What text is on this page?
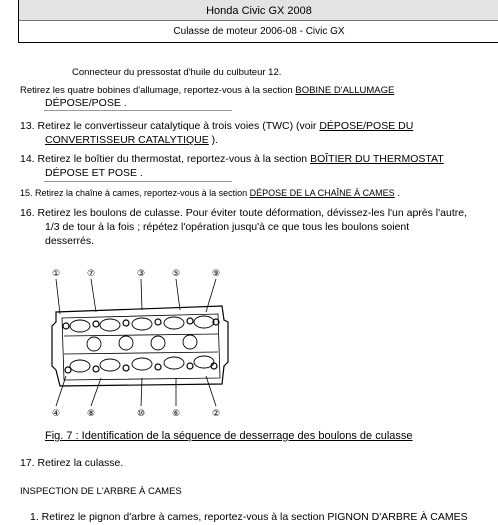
Honda Civic GX 2008
Culasse de moteur 2006-08 - Civic GX
Connecteur du pressostat d'huile du culbuteur 12.
Retirez les quatre bobines d'allumage, reportez-vous à la section BOBINE D'ALLUMAGE
DÉPOSE/POSE .
13. Retirez le convertisseur catalytique à trois voies (TWC) (voir DÉPOSE/POSE DU
CONVERTISSEUR CATALYTIQUE ).
14. Retirez le boîtier du thermostat, reportez-vous à la section BOÎTIER DU THERMOSTAT
DÉPOSE ET POSE .
15. Retirez la chaîne à cames, reportez-vous à la section DÉPOSE DE LA CHAÎNE À CAMES .
16. Retirez les boulons de culasse. Pour éviter toute déformation, dévissez-les l'un après l'autre,
1/3 de tour à la fois ; répétez l'opération jusqu'à ce que tous les boulons soient
desserrés.
①	⑦	③	⑤	⑨
④	⑧	⑩	⑥	②
Fig. 7 : Identification de la séquence de desserrage des boulons de culasse
17. Retirez la culasse.
INSPECTION DE L'ARBRE À CAMES
1. Retirez le pignon d'arbre à cames, reportez-vous à la section PIGNON D'ARBRE À CAMES
